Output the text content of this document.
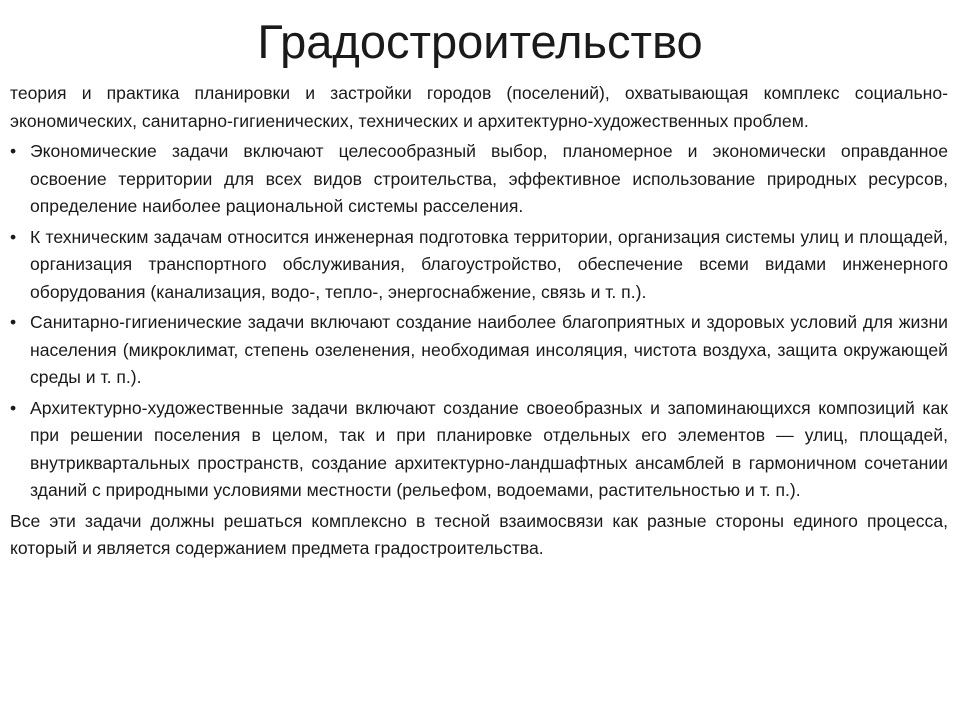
Градостроительство

теория и практика планировки и застройки городов (поселений), охватывающая комплекс социально- экономических, санитарно-гигиенических, технических и архитектурно-художественных проблем.

• Экономические задачи включают целесообразный выбор, планомерное и экономически оправданное освоение территории для всех видов строительства, эффективное использование природных ресурсов, определение наиболее рациональной системы расселения.
• К техническим задачам относится инженерная подготовка территории, организация системы улиц и площадей, организация транспортного обслуживания, благоустройство, обеспечение всеми видами инженерного оборудования (канализация, водо-, тепло-, энергоснабжение, связь и т. п.).
• Санитарно-гигиенические задачи включают создание наиболее благоприятных и здоровых условий для жизни населения (микроклимат, степень озеленения, необходимая инсоляция, чистота воздуха, защита окружающей среды и т. п.).
• Архитектурно-художественные задачи включают создание своеобразных и запоминающихся композиций как при решении поселения в целом, так и при планировке отдельных его элементов — улиц, площадей, внутриквартальных пространств, создание архитектурно-ландшафтных ансамблей в гармоничном сочетании зданий с природными условиями местности (рельефом, водоемами, растительностью и т. п.).

Все эти задачи должны решаться комплексно в тесной взаимосвязи как разные стороны единого процесса, который и является содержанием предмета градостроительства.
